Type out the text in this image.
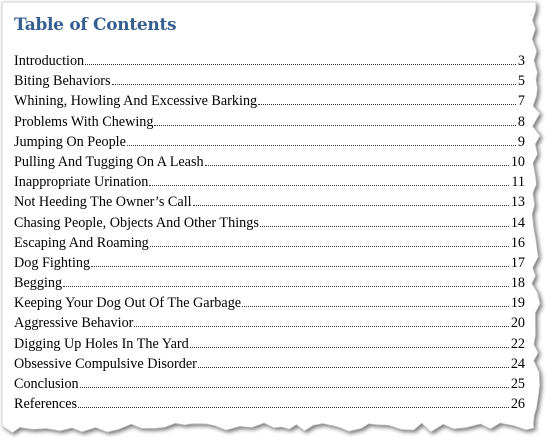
Table of Contents
Introduction	3
Biting Behaviors	5
Whining, Howling And Excessive Barking	7
Problems With Chewing	8
Jumping On People	9
Pulling And Tugging On A Leash	10
Inappropriate Urination	11
Not Heeding The Owner’s Call	13
Chasing People, Objects And Other Things	14
Escaping And Roaming	16
Dog Fighting	17
Begging	18
Keeping Your Dog Out Of The Garbage	19
Aggressive Behavior	20
Digging Up Holes In The Yard	22
Obsessive Compulsive Disorder	24
Conclusion	25
References	26
